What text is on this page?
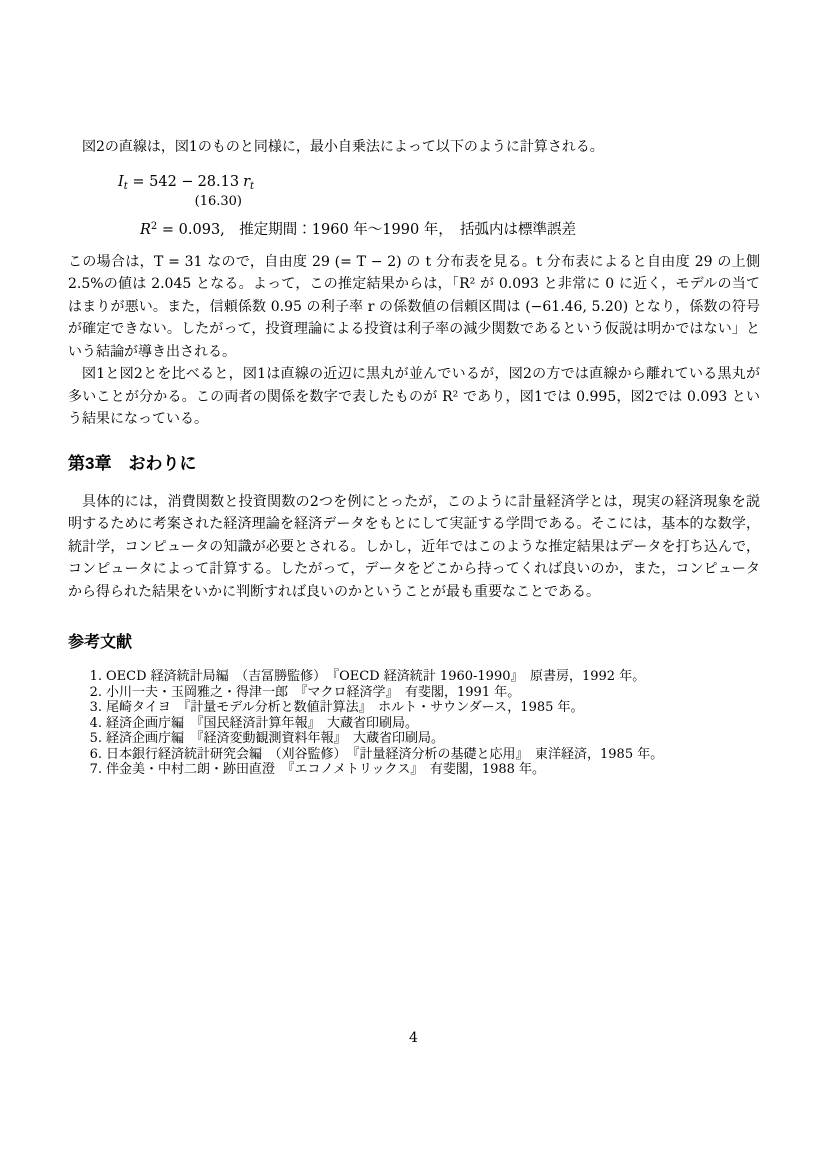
図2の直線は，図1のものと同様に，最小自乗法によって以下のように計算される。

$I_t = 542 - 28.13$
(16.30)
$r_t$
$R^2 = 0.093$,　推定期間：1960 年～1990 年，　括弧内は標準誤差

この場合は，T = 31 なので，自由度 29 (= T − 2) の t 分布表を見る。t 分布表によると自由度 29 の上側 2.5%の値は 2.045 となる。よって，この推定結果からは，「R² が 0.093 と非常に 0 に近く，モデルの当てはまりが悪い。また，信頼係数 0.95 の利子率 r の係数値の信頼区間は (−61.46, 5.20) となり，係数の符号が確定できない。したがって，投資理論による投資は利子率の減少関数であるという仮説は明かではない」という結論が導き出される。

図1と図2とを比べると，図1は直線の近辺に黒丸が並んでいるが，図2の方では直線から離れている黒丸が多いことが分かる。この両者の関係を数字で表したものが R² であり，図1では 0.995，図2では 0.093 という結果になっている。

第3章　おわりに

具体的には，消費関数と投資関数の2つを例にとったが，このように計量経済学とは，現実の経済現象を説明するために考案された経済理論を経済データをもとにして実証する学問である。そこには，基本的な数学，統計学，コンピュータの知識が必要とされる。しかし，近年ではこのような推定結果はデータを打ち込んで，コンピュータによって計算する。したがって，データをどこから持ってくれば良いのか，また，コンピュータから得られた結果をいかに判断すれば良いのかということが最も重要なことである。

参考文献
1. OECD 経済統計局編　（吉冨勝監修）　『OECD 経済統計 1960-1990』　原書房，1992 年。
2. 小川一夫・玉岡雅之・得津一郎　『マクロ経済学』　有斐閣，1991 年。
3. 尾崎タイヨ　『計量モデル分析と数値計算法』　ホルト・サウンダース，1985 年。
4. 経済企画庁編　『国民経済計算年報』　大蔵省印刷局。
5. 経済企画庁編　『経済変動観測資料年報』　大蔵省印刷局。
6. 日本銀行経済統計研究会編　（刈谷監修）　『計量経済分析の基礎と応用』　東洋経済，1985 年。
7. 伴金美・中村二朗・跡田直澄　『エコノメトリックス』　有斐閣，1988 年。
4
